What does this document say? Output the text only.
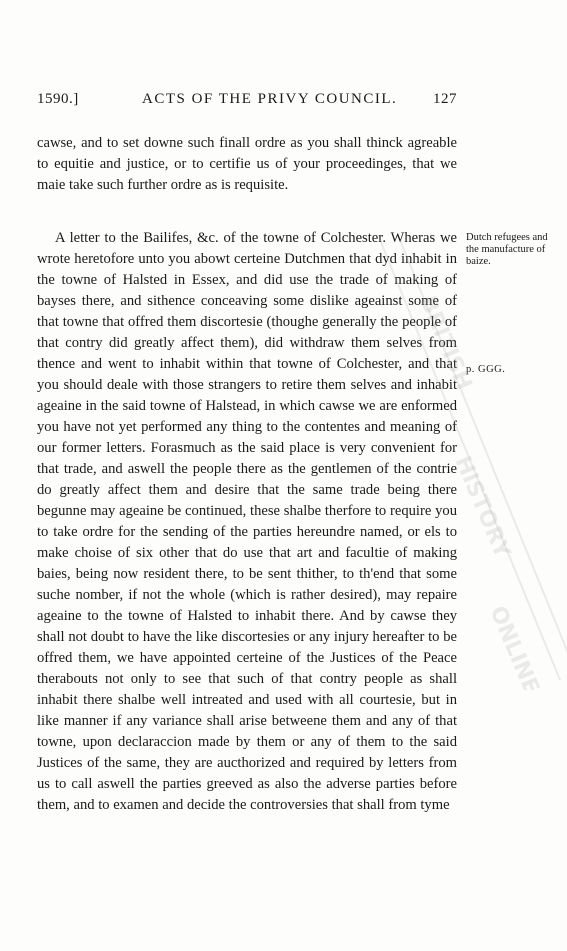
1590.]	ACTS OF THE PRIVY COUNCIL. 127

cawse, and to set downe such finall ordre as you shall thinck agreable to equitie and justice, or to certifie us of your proceedinges, that we maie take such further ordre as is requisite.

A letter to the Bailifes, &c. of the towne of Colchester. Wheras we wrote heretofore unto you abowt certeine Dutchmen that dyd inhabit in the towne of Halsted in Essex, and did use the trade of making of bayses there, and sithence conceaving some dislike ageainst some of that towne that offred them discortesie (thoughe generally the people of that contry did greatly affect them), did withdraw them selves from thence and went to inhabit within that towne of Colchester, and that you should deale with those strangers to retire them selves and inhabit ageaine in the said towne of Halstead, in which cawse we are enformed you have not yet performed any thing to the contentes and meaning of our former letters. Forasmuch as the said place is very convenient for that trade, and aswell the people there as the gentlemen of the contrie do greatly affect them and desire that the same trade being there begunne may ageaine be continued, these shalbe therfore to require you to take ordre for the sending of the parties hereundre named, or els to make choise of six other that do use that art and facultie of making baies, being now resident there, to be sent thither, to th'end that some suche nomber, if not the whole (which is rather desired), may repaire ageaine to the towne of Halsted to inhabit there. And by cawse they shall not doubt to have the like discortesies or any injury hereafter to be offred them, we have appointed certeine of the Justices of the Peace therabouts not only to see that such of that contry people as shall inhabit there shalbe well intreated and used with all courtesie, but in like manner if any variance shall arise betweene them and any of that towne, upon declaraccion made by them or any of them to the said Justices of the same, they are aucthorized and required by letters from us to call aswell the parties greeved as also the adverse parties before them, and to examen and decide the controversies that shall from tyme

Dutch refugees and the manufacture of baize.
p. GGG.
BRITISH
HISTORY
ONLINE
